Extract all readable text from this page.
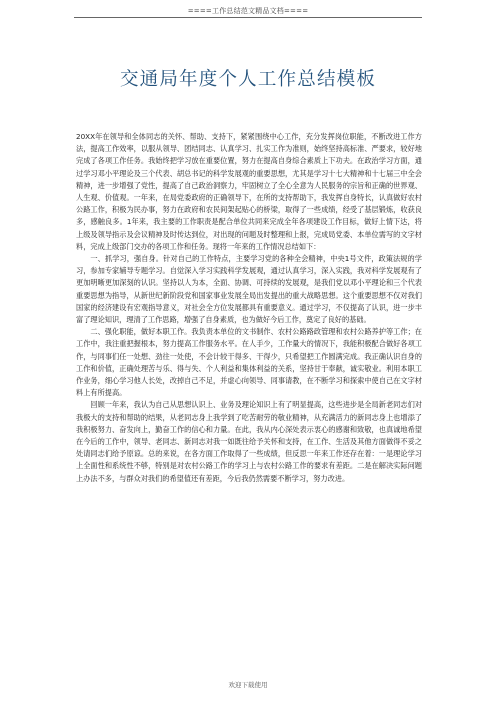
====工作总结范文精品文档====
交通局年度个人工作总结模板

20XX年在领导和全体同志的关怀、帮助、支持下，紧紧围绕中心工作，充分发挥岗位职能，不断改进工作方法，提高工作效率，以服从领导、团结同志、认真学习、扎实工作为准则，始终坚持高标准、严要求，较好地完成了各项工作任务。我始终把学习放在重要位置，努力在提高自身综合素质上下功夫。在政治学习方面，通过学习邓小平理论及三个代表、胡总书记的科学发展观的重要思想，尤其是学习十七大精神和十七届三中全会精神，进一步增强了党性，提高了自己政治洞察力，牢固树立了全心全意为人民服务的宗旨和正确的世界观、人生观、价值观。一年来，在局党委政府的正确领导下，在所的支持帮助下，我发挥自身特长，认真做好农村公路工作，积极为民办事，努力在政府和农民间架起贴心的桥梁，取得了一些成绩，经受了基层锻炼，收获良多，感触良多。1年来，我主要的工作职责是配合单位共同来完成全年各项建设工作目标，做好上情下达，将上级及领导指示及会议精神及时传达到位，对出现的问题及时整理和上报，完成局党委、本单位需写的文字材料，完成上级部门交办的各项工作和任务。现将一年来的工作情况总结如下：

一、抓学习，强自身。针对自己的工作特点，主要学习党的各种全会精神，中央1号文件，政策法规的学习，参加专家辅导专题学习。自觉深入学习实践科学发展观，通过认真学习，深入实践，我对科学发展观有了更加明晰更加深刻的认识。坚持以人为本，全面、协调、可持续的发展观，是我们党以邓小平理论和三个代表重要思想为指导，从新世纪新阶段党和国家事业发展全局出发提出的重大战略思想。这个重要思想不仅对我们国家的经济建设有宏观指导意义，对社会全方位发展都具有重要意义。通过学习，不仅提高了认识，进一步丰富了理论知识，理清了工作思路，增强了自身素质，也为做好今后工作，奠定了良好的基础。

二、强化职能，做好本职工作。我负责本单位的文书制作、农村公路路政管理和农村公路养护等工作；在工作中，我注重把握根本，努力提高工作服务水平。在人手少，工作量大的情况下，我能积极配合做好各项工作，与同事们任一处想、劲往一处使，不会计较干得多、干得少，只希望把工作圆满完成。我正确认识自身的工作和价值，正确处理苦与乐、得与失、个人利益和集体利益的关系，坚持甘于奉献，诚实敬业。利用本职工作业务，细心学习他人长处，改掉自己不足，并虚心向领导、同事请教，在不断学习和探索中使自己在文字材料上有所提高。

回顾一年来，我认为自己从思想认识上、业务及理论知识上有了明显提高，这些进步是全局新老同志们对我极大的支持和帮助的结果，从老同志身上我学到了吃苦耐劳的敬业精神，从充满活力的新同志身上也增添了我积极努力、奋发向上，勤奋工作的信心和力量。在此，我从内心深处表示衷心的感谢和致敬，也真诚地希望在今后的工作中，领导、老同志、新同志对我一如既往给予关怀和支持，在工作、生活及其他方面做得不妥之处请同志们给予原谅。总的来说，在各方面工作取得了一些成绩，但反思一年来工作还存在着：一是理论学习上全面性和系统性不够，特别是对农村公路工作的学习上与农村公路工作的要求有差距。二是在解决实际问题上办法不多，与群众对我们的希望值还有差距，今后我仍然需要不断学习，努力改进。

欢迎下载使用
